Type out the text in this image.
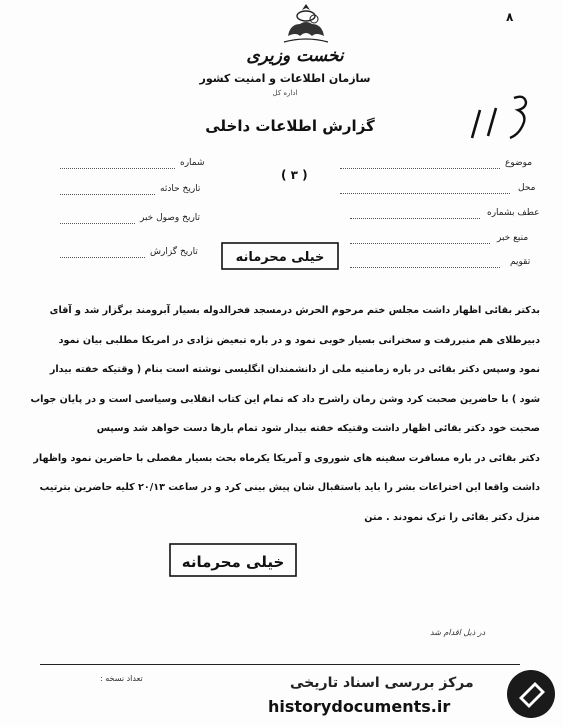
۸
نخست وزیری
سازمان اطلاعات و امنیت کشور
اداره کل
گزارش اطلاعات داخلی
( ۳ )
موضوع
محل
عطف بشماره
منبع خبر
تقویم
شماره
تاریخ حادثه
تاریخ وصول خبر
تاریخ گزارش	خیلی محرمانه
بدکتر بقائی اظهار داشت مجلس ختم مرحوم الحرش درمسجد فخرالدوله بسیار آبرومند برگزار شد و آقای
دبیرطلای هم منبررفت و سخنرانی بسیار خوبی نمود و در باره تبعیض نژادی در امریکا مطلبی بیان نمود
نمود وسپس دکتر بقائی در باره زمامنیه ملی از دانشمندان انگلیسی نوشته است بنام ( وقتیکه خفته بیدار
شود ) با حاضرین صحبت کرد وشن رمان راشرح داد که تمام این کتاب انقلابی وسیاسی است و در پایان جواب
صحبت خود دکتر بقائی اظهار داشت وقتیکه خفته بیدار شود تمام بارها دست خواهد شد وسپس
دکتر بقائی در باره مسافرت سفینه های شوروی و آمریکا یکرماه بحث بسیار مفصلی با حاضرین نمود واظهار
داشت واقعا این اختراعات بشر را باید باستقبال شان پیش بینی کرد و در ساعت ۲۰/۱۳ کلیه حاضرین بترتیب
منزل دکتر بقائی را ترک نمودند . متن
خیلی محرمانه
در ذیل اقدام شد
تعداد نسخه :	مرکز بررسی اسناد تاریخی
historydocuments.ir
